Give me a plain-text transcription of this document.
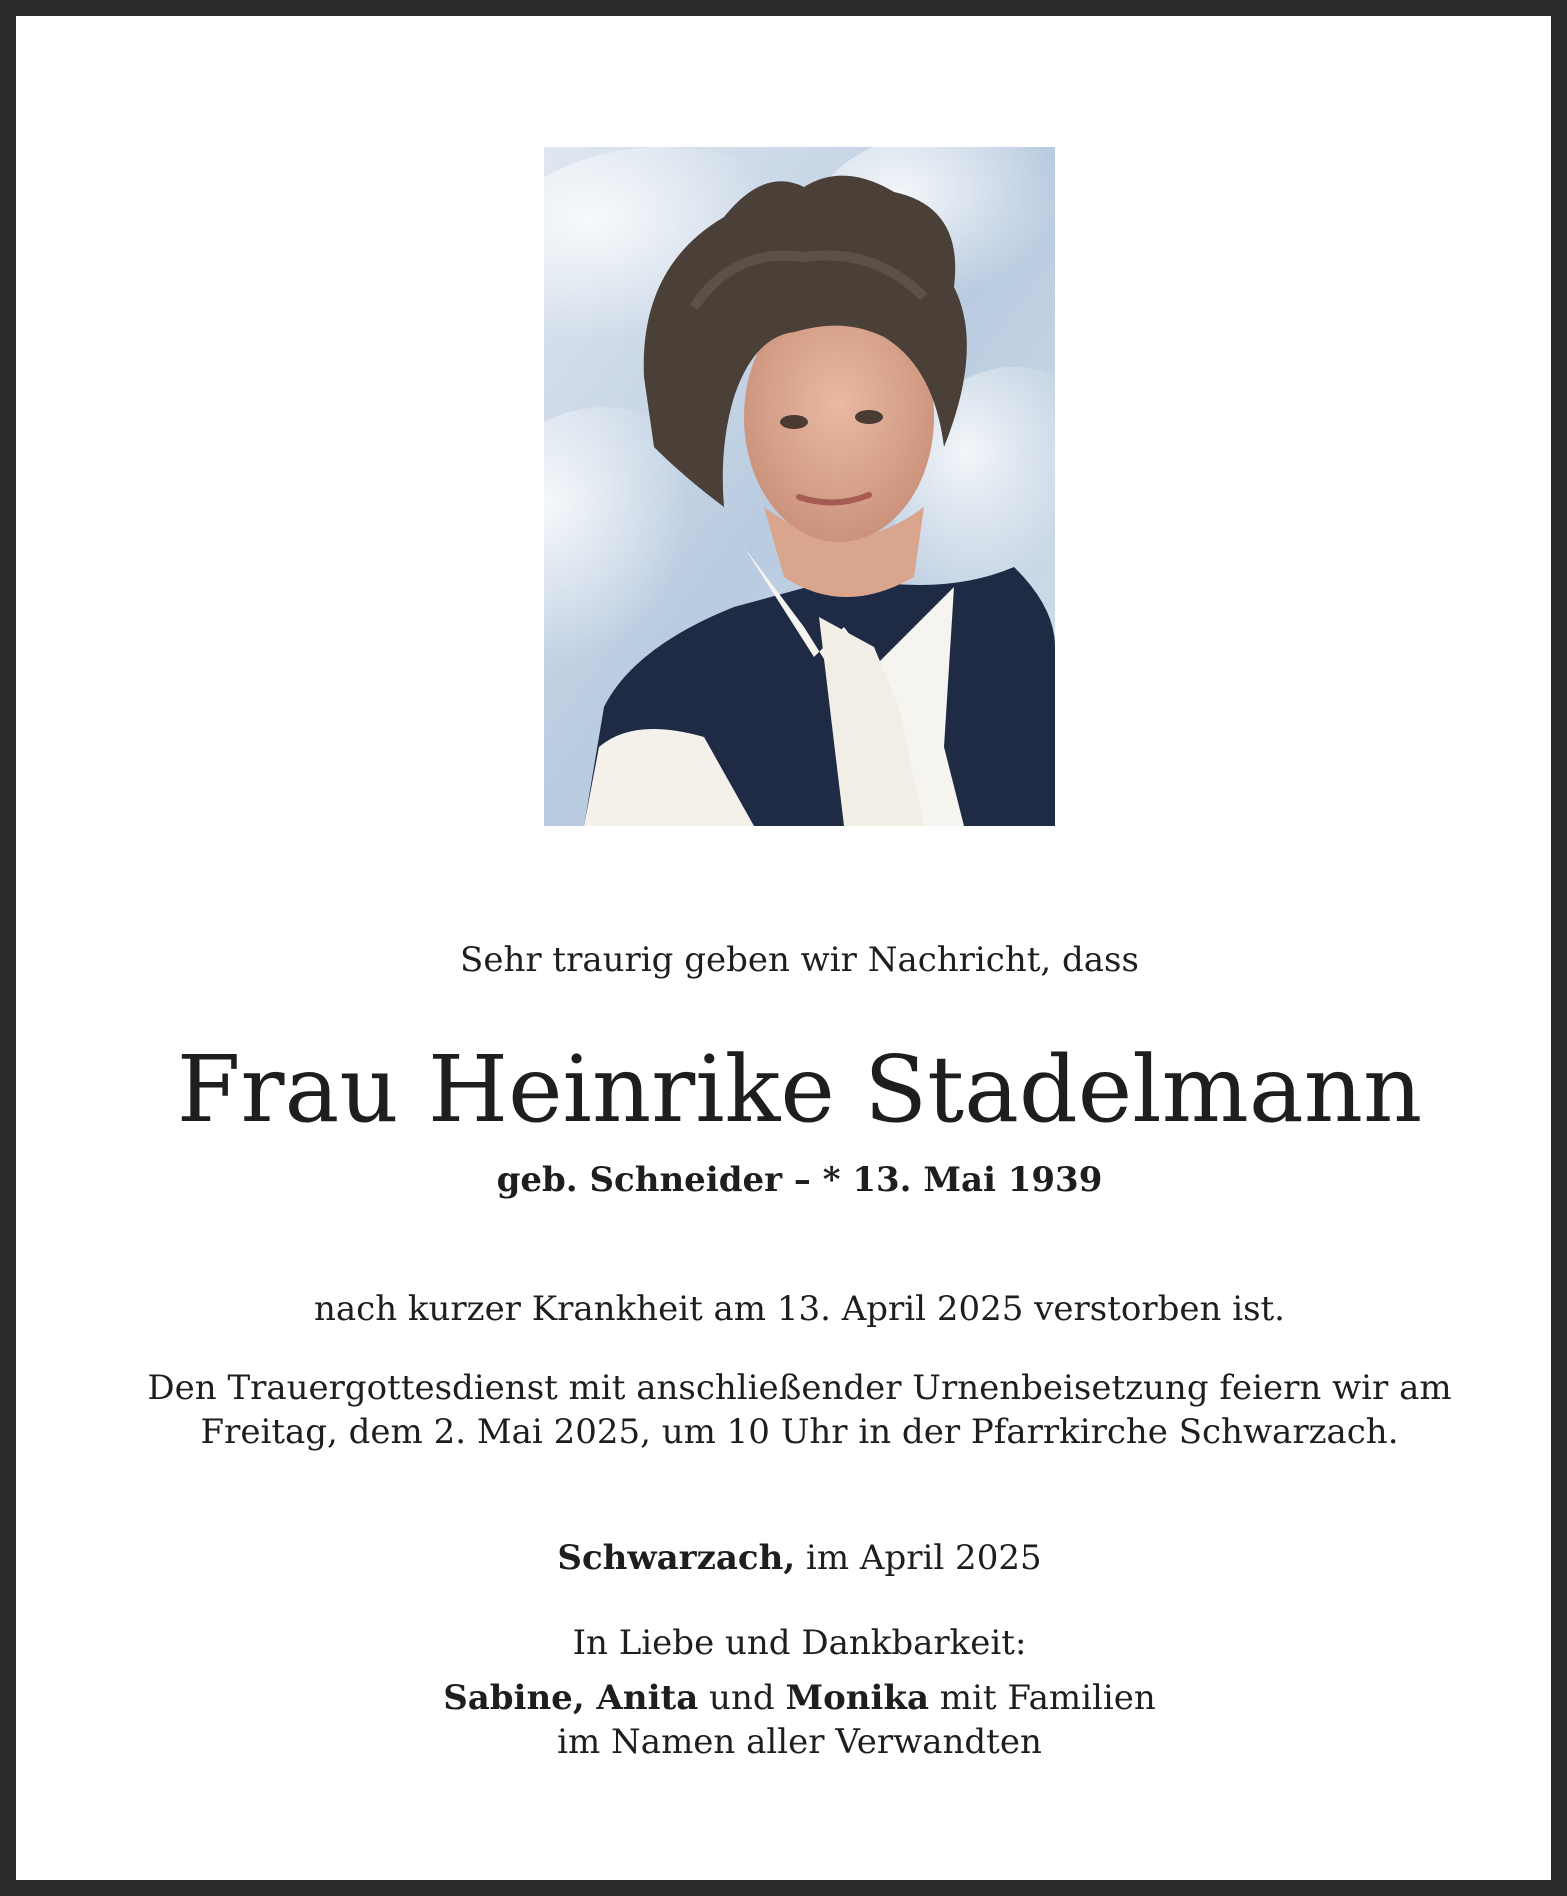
Sehr traurig geben wir Nachricht, dass
Frau Heinrike Stadelmann
geb. Schneider – * 13. Mai 1939
nach kurzer Krankheit am 13. April 2025 verstorben ist.
Den Trauergottesdienst mit anschließender Urnenbeisetzung feiern wir am
Freitag, dem 2. Mai 2025, um 10 Uhr in der Pfarrkirche Schwarzach.
Schwarzach, im April 2025
In Liebe und Dankbarkeit:
Sabine, Anita und Monika mit Familien
im Namen aller Verwandten
